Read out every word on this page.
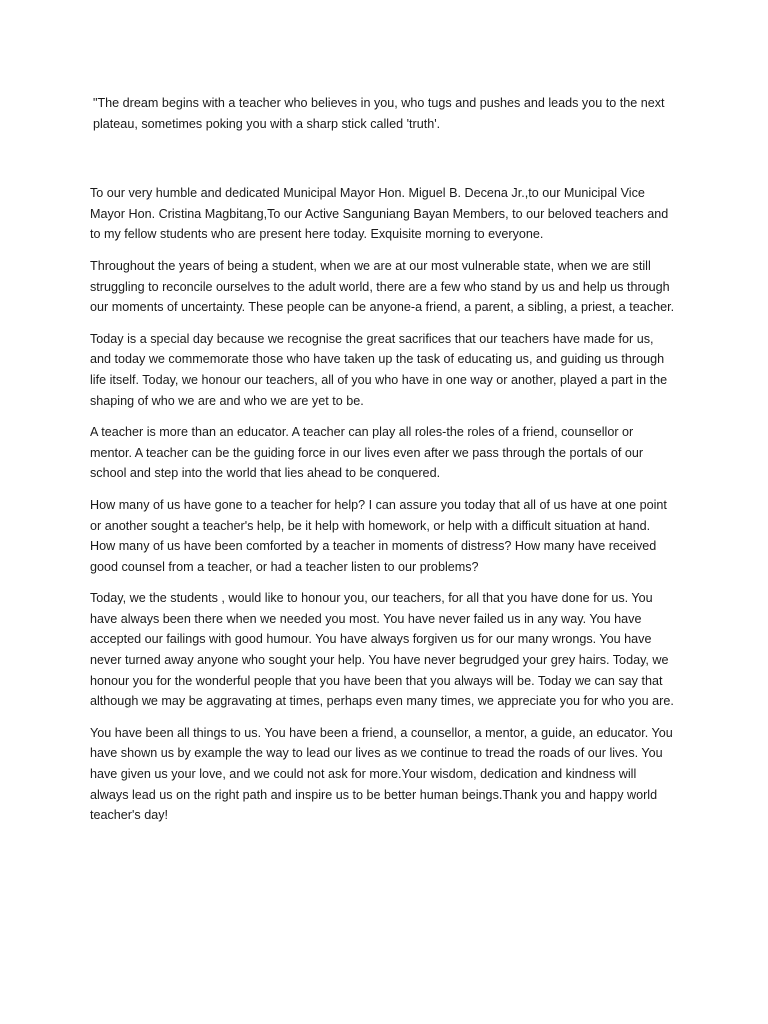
"The dream begins with a teacher who believes in you, who tugs and pushes and leads you to the next plateau, sometimes poking you with a sharp stick called 'truth'.

To our very humble and dedicated Municipal Mayor Hon. Miguel B. Decena Jr.,to our Municipal Vice Mayor Hon. Cristina Magbitang,To our Active Sanguniang Bayan Members, to our beloved teachers and to my fellow students who are present here today. Exquisite morning to everyone.

Throughout the years of being a student, when we are at our most vulnerable state, when we are still struggling to reconcile ourselves to the adult world, there are a few who stand by us and help us through our moments of uncertainty. These people can be anyone-a friend, a parent, a sibling, a priest, a teacher.

Today is a special day because we recognise the great sacrifices that our teachers have made for us, and today we commemorate those who have taken up the task of educating us, and guiding us through life itself. Today, we honour our teachers, all of you who have in one way or another, played a part in the shaping of who we are and who we are yet to be.

A teacher is more than an educator. A teacher can play all roles-the roles of a friend, counsellor or mentor. A teacher can be the guiding force in our lives even after we pass through the portals of our school and step into the world that lies ahead to be conquered.

How many of us have gone to a teacher for help? I can assure you today that all of us have at one point or another sought a teacher's help, be it help with homework, or help with a difficult situation at hand. How many of us have been comforted by a teacher in moments of distress? How many have received good counsel from a teacher, or had a teacher listen to our problems?

Today, we the students , would like to honour you, our teachers, for all that you have done for us. You have always been there when we needed you most. You have never failed us in any way. You have accepted our failings with good humour. You have always forgiven us for our many wrongs. You have never turned away anyone who sought your help. You have never begrudged your grey hairs. Today, we honour you for the wonderful people that you have been that you always will be. Today we can say that although we may be aggravating at times, perhaps even many times, we appreciate you for who you are.

You have been all things to us. You have been a friend, a counsellor, a mentor, a guide, an educator. You have shown us by example the way to lead our lives as we continue to tread the roads of our lives. You have given us your love, and we could not ask for more.Your wisdom, dedication and kindness will always lead us on the right path and inspire us to be better human beings.Thank you and happy world teacher's day!
